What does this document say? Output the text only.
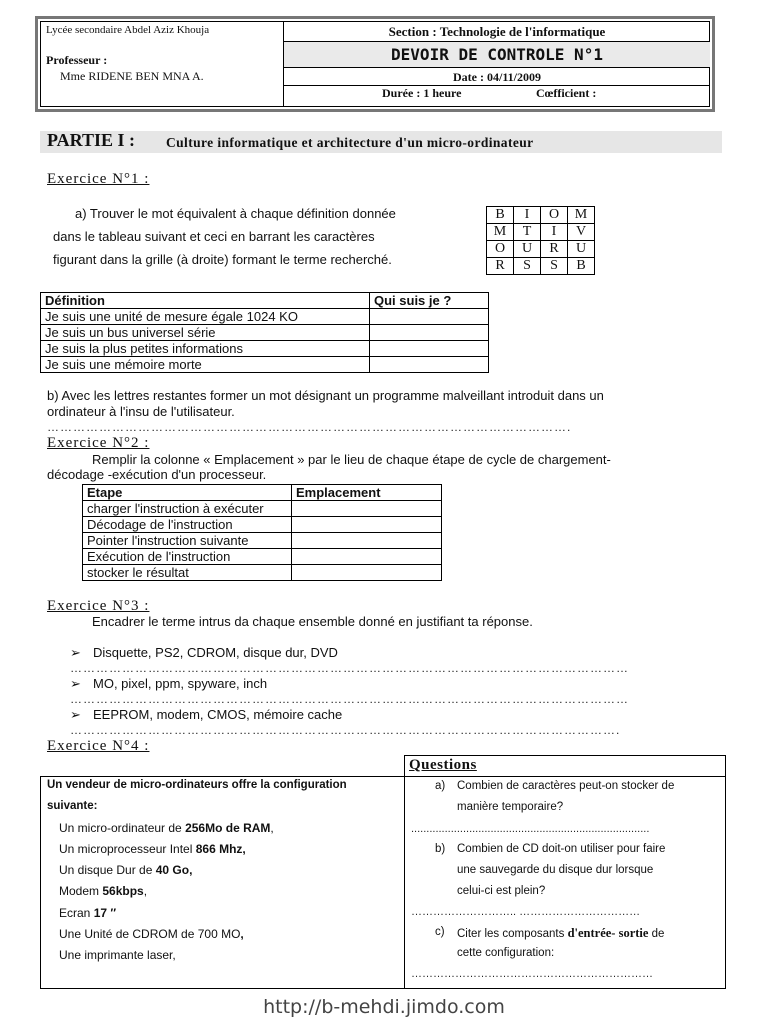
Lycée secondaire Abdel Aziz Khouja
Professeur :
Mme RIDENE BEN MNA A.
Section : Technologie de l'informatique
DEVOIR DE CONTROLE N°1
Date : 04/11/2009
Durée : 1 heure	Cœfficient :
PARTIE I : Culture informatique et architecture d'un micro-ordinateur
Exercice N°1 :
a) Trouver le mot équivalent à chaque définition donnée
dans le tableau suivant et ceci en barrant les caractères
figurant dans la grille (à droite) formant le terme recherché.
B	I	O	M
M	T	I	V
O	U	R	U
R	S	S	B
Définition	Qui suis je ?
Je suis une unité de mesure égale 1024 KO	
Je suis un bus universel série	
Je suis la plus petites informations	
Je suis une mémoire morte	
b) Avec les lettres restantes former un mot désignant un programme malveillant introduit dans un
ordinateur à l'insu de l'utilisateur.
………………………………………………………………………………………………………….
Exercice N°2 :
Remplir la colonne « Emplacement » par le lieu de chaque étape de cycle de chargement-
décodage -exécution d'un processeur.
Etape	Emplacement
charger l'instruction à exécuter	
Décodage de l'instruction	
Pointer l'instruction suivante	
Exécution de l'instruction	
stocker le résultat	
Exercice N°3 :
Encadrer le terme intrus da chaque ensemble donné en justifiant ta réponse.
➢ Disquette, PS2, CDROM, disque dur, DVD
…………………………………………………………………………………………………………………
➢ MO, pixel, ppm, spyware, inch
…………………………………………………………………………………………………………………
➢ EEPROM, modem, CMOS, mémoire cache
……………………………………………………………………………………………………………….
Exercice N°4 :
Un vendeur de micro-ordinateurs offre la configuration
suivante:
Un micro-ordinateur de 256Mo de RAM,
Un microprocesseur Intel 866 Mhz,
Un disque Dur de 40 Go,
Modem 56kbps,
Ecran 17 ″
Une Unité de CDROM de 700 MO,
Une imprimante laser,
Questions
a) Combien de caractères peut-on stocker de
manière temporaire?
..............................................................................
b) Combien de CD doit-on utiliser pour faire
une sauvegarde du disque dur lorsque
celui-ci est plein?
……………………….. ……………………………
c) Citer les composants d'entrée- sortie de
cette configuration:
…………………………………………………………
http://b-mehdi.jimdo.com
